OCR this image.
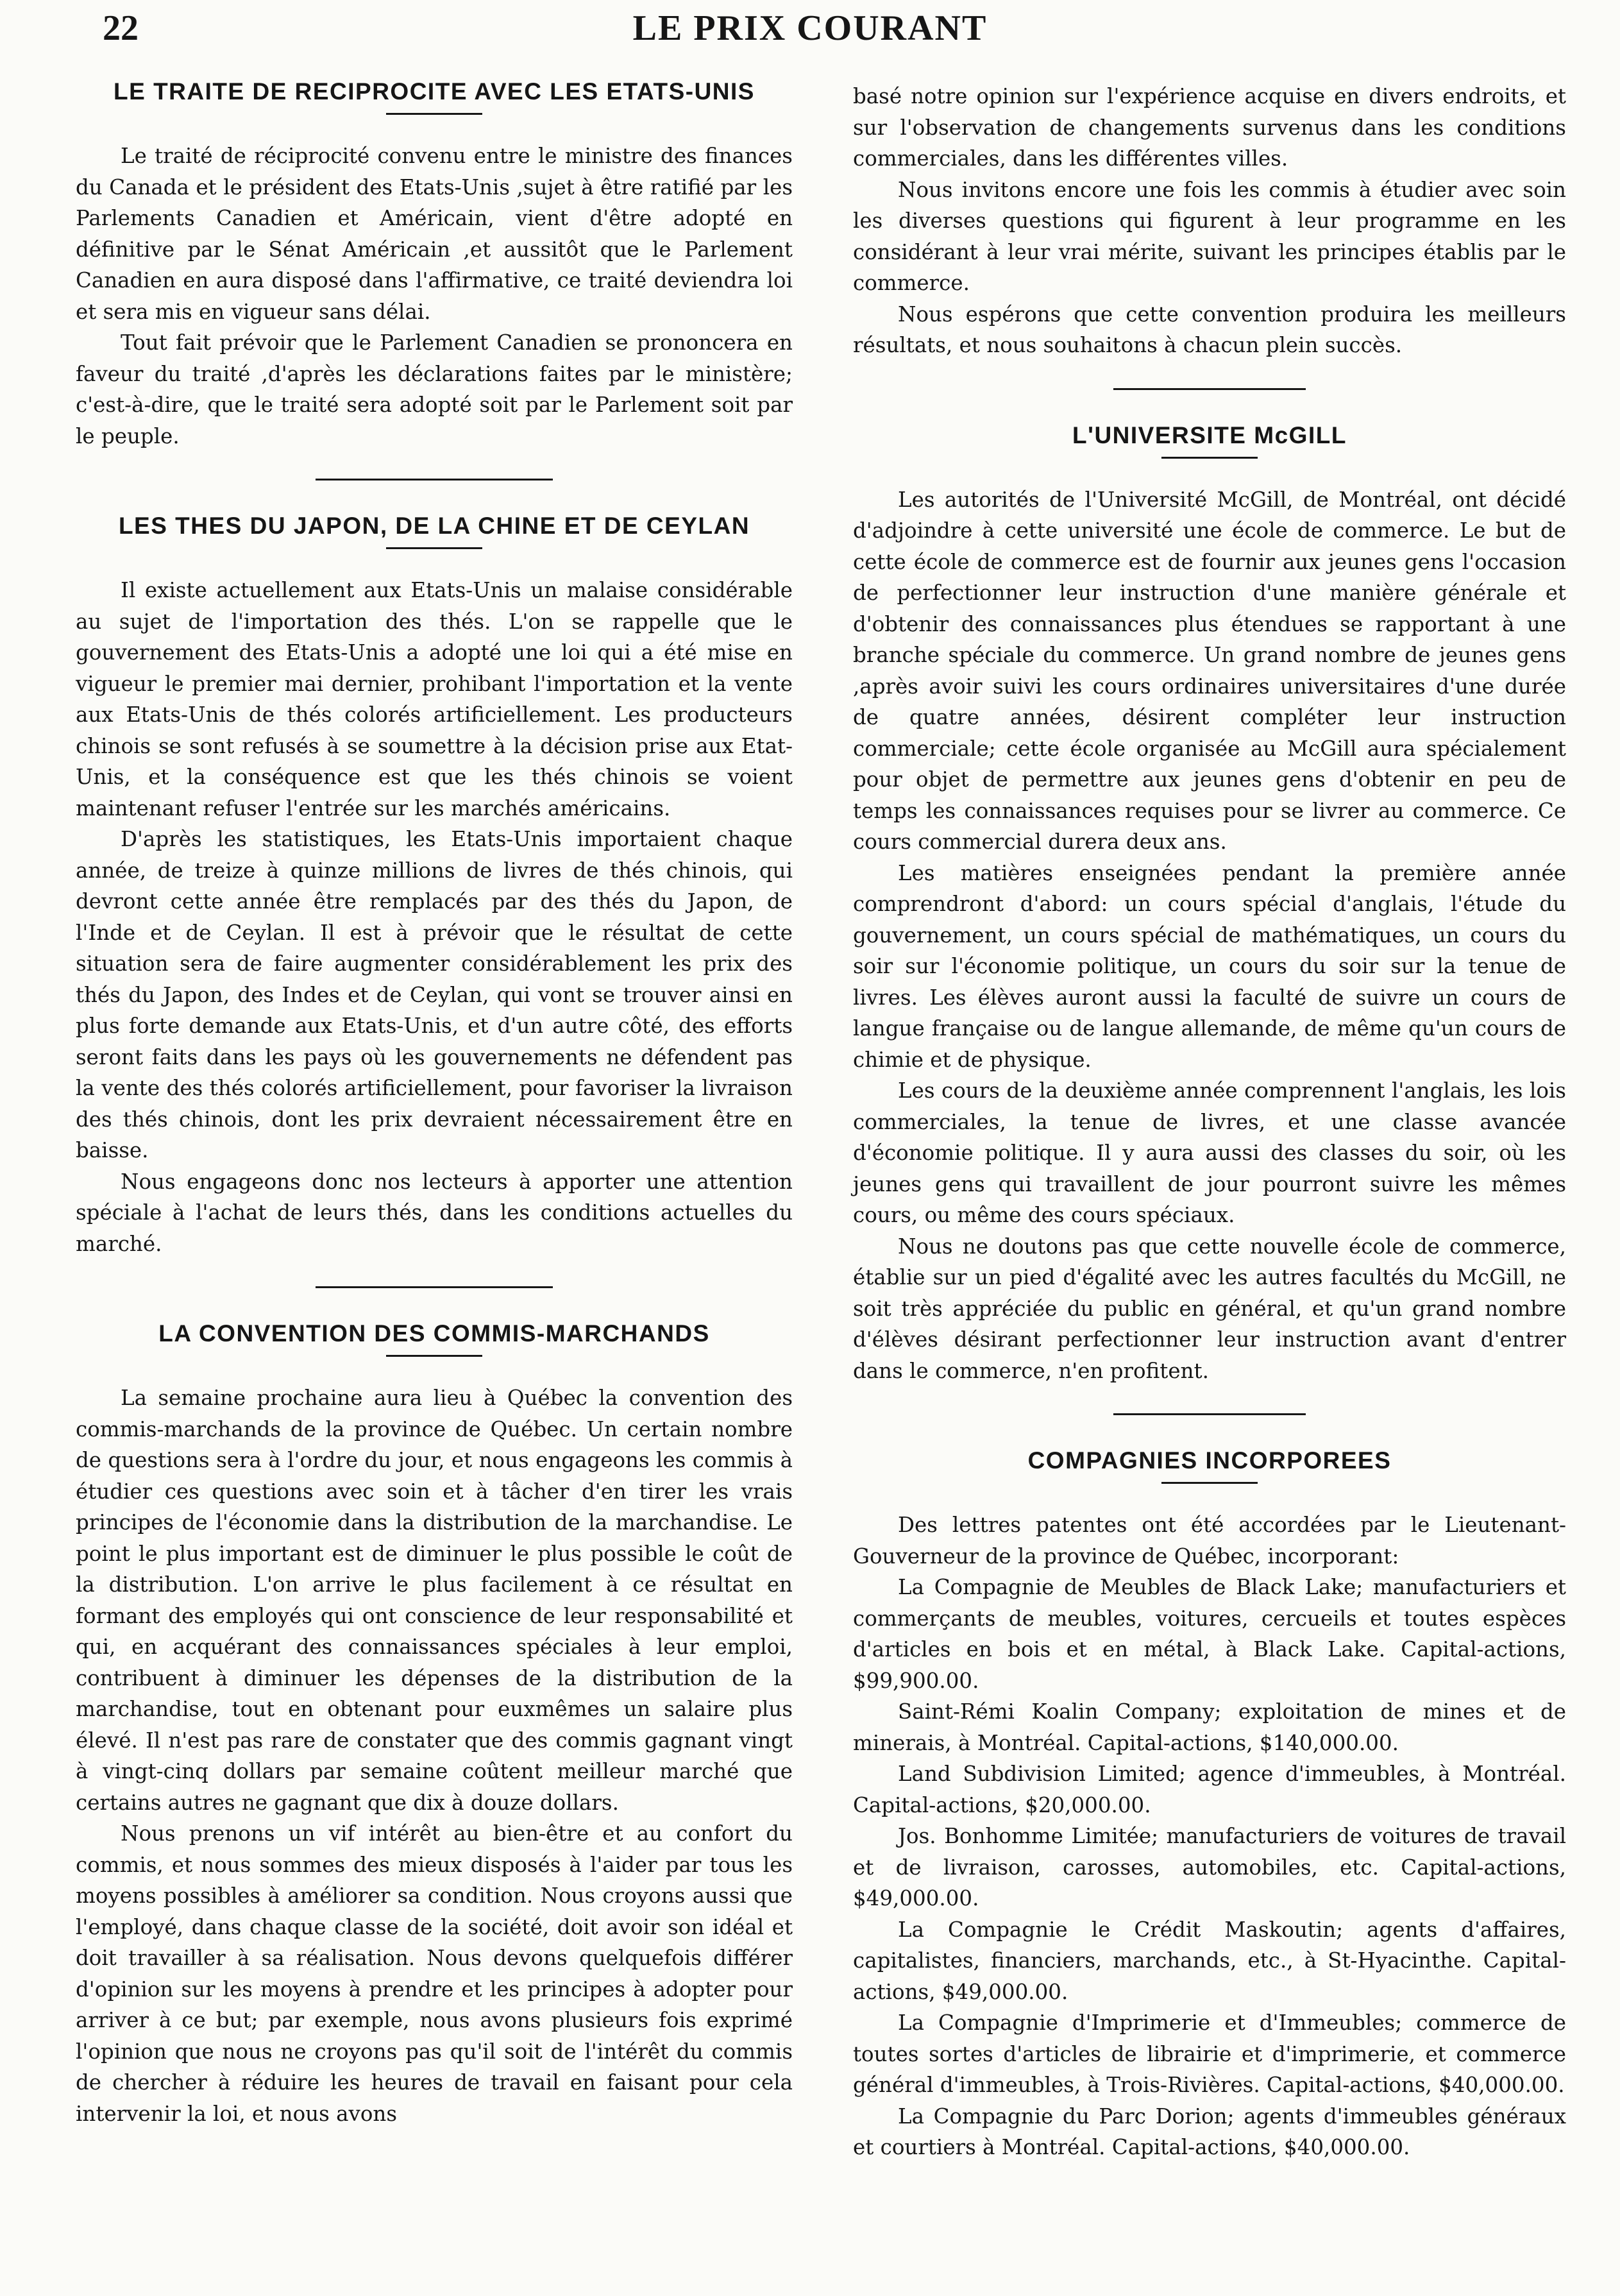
22	LE PRIX COURANT
LE TRAITE DE RECIPROCITE AVEC LES ETATS-UNIS

Le traité de réciprocité convenu entre le ministre des finances du Canada et le président des Etats-Unis ,sujet à être ratifié par les Parlements Canadien et Américain, vient d'être adopté en définitive par le Sénat Américain ,et aussitôt que le Parlement Canadien en aura disposé dans l'affirmative, ce traité deviendra loi et sera mis en vigueur sans délai.

Tout fait prévoir que le Parlement Canadien se prononcera en faveur du traité ,d'après les déclarations faites par le ministère; c'est-à-dire, que le traité sera adopté soit par le Parlement soit par le peuple.

LES THES DU JAPON, DE LA CHINE ET DE CEYLAN

Il existe actuellement aux Etats-Unis un malaise considérable au sujet de l'importation des thés. L'on se rappelle que le gouvernement des Etats-Unis a adopté une loi qui a été mise en vigueur le premier mai dernier, prohibant l'importation et la vente aux Etats-Unis de thés colorés artificiellement. Les producteurs chinois se sont refusés à se soumettre à la décision prise aux Etat-Unis, et la conséquence est que les thés chinois se voient maintenant refuser l'entrée sur les marchés américains.

D'après les statistiques, les Etats-Unis importaient chaque année, de treize à quinze millions de livres de thés chinois, qui devront cette année être remplacés par des thés du Japon, de l'Inde et de Ceylan. Il est à prévoir que le résultat de cette situation sera de faire augmenter considérablement les prix des thés du Japon, des Indes et de Ceylan, qui vont se trouver ainsi en plus forte demande aux Etats-Unis, et d'un autre côté, des efforts seront faits dans les pays où les gouvernements ne défendent pas la vente des thés colorés artificiellement, pour favoriser la livraison des thés chinois, dont les prix devraient nécessairement être en baisse.

Nous engageons donc nos lecteurs à apporter une attention spéciale à l'achat de leurs thés, dans les conditions actuelles du marché.

LA CONVENTION DES COMMIS-MARCHANDS

La semaine prochaine aura lieu à Québec la convention des commis-marchands de la province de Québec. Un certain nombre de questions sera à l'ordre du jour, et nous engageons les commis à étudier ces questions avec soin et à tâcher d'en tirer les vrais principes de l'économie dans la distribution de la marchandise. Le point le plus important est de diminuer le plus possible le coût de la distribution. L'on arrive le plus facilement à ce résultat en formant des employés qui ont conscience de leur responsabilité et qui, en acquérant des connaissances spéciales à leur emploi, contribuent à diminuer les dépenses de la distribution de la marchandise, tout en obtenant pour euxmêmes un salaire plus élevé. Il n'est pas rare de constater que des commis gagnant vingt à vingt-cinq dollars par semaine coûtent meilleur marché que certains autres ne gagnant que dix à douze dollars.

Nous prenons un vif intérêt au bien-être et au confort du commis, et nous sommes des mieux disposés à l'aider par tous les moyens possibles à améliorer sa condition. Nous croyons aussi que l'employé, dans chaque classe de la société, doit avoir son idéal et doit travailler à sa réalisation. Nous devons quelquefois différer d'opinion sur les moyens à prendre et les principes à adopter pour arriver à ce but; par exemple, nous avons plusieurs fois exprimé l'opinion que nous ne croyons pas qu'il soit de l'intérêt du commis de chercher à réduire les heures de travail en faisant pour cela intervenir la loi, et nous avons

basé notre opinion sur l'expérience acquise en divers endroits, et sur l'observation de changements survenus dans les conditions commerciales, dans les différentes villes.

Nous invitons encore une fois les commis à étudier avec soin les diverses questions qui figurent à leur programme en les considérant à leur vrai mérite, suivant les principes établis par le commerce.

Nous espérons que cette convention produira les meilleurs résultats, et nous souhaitons à chacun plein succès.

L'UNIVERSITE McGILL

Les autorités de l'Université McGill, de Montréal, ont décidé d'adjoindre à cette université une école de commerce. Le but de cette école de commerce est de fournir aux jeunes gens l'occasion de perfectionner leur instruction d'une manière générale et d'obtenir des connaissances plus étendues se rapportant à une branche spéciale du commerce. Un grand nombre de jeunes gens ,après avoir suivi les cours ordinaires universitaires d'une durée de quatre années, désirent compléter leur instruction commerciale; cette école organisée au McGill aura spécialement pour objet de permettre aux jeunes gens d'obtenir en peu de temps les connaissances requises pour se livrer au commerce. Ce cours commercial durera deux ans.

Les matières enseignées pendant la première année comprendront d'abord: un cours spécial d'anglais, l'étude du gouvernement, un cours spécial de mathématiques, un cours du soir sur l'économie politique, un cours du soir sur la tenue de livres. Les élèves auront aussi la faculté de suivre un cours de langue française ou de langue allemande, de même qu'un cours de chimie et de physique.

Les cours de la deuxième année comprennent l'anglais, les lois commerciales, la tenue de livres, et une classe avancée d'économie politique. Il y aura aussi des classes du soir, où les jeunes gens qui travaillent de jour pourront suivre les mêmes cours, ou même des cours spéciaux.

Nous ne doutons pas que cette nouvelle école de commerce, établie sur un pied d'égalité avec les autres facultés du McGill, ne soit très appréciée du public en général, et qu'un grand nombre d'élèves désirant perfectionner leur instruction avant d'entrer dans le commerce, n'en profitent.

COMPAGNIES INCORPOREES

Des lettres patentes ont été accordées par le Lieutenant-Gouverneur de la province de Québec, incorporant:

La Compagnie de Meubles de Black Lake; manufacturiers et commerçants de meubles, voitures, cercueils et toutes espèces d'articles en bois et en métal, à Black Lake. Capital-actions, $99,900.00.

Saint-Rémi Koalin Company; exploitation de mines et de minerais, à Montréal. Capital-actions, $140,000.00.

Land Subdivision Limited; agence d'immeubles, à Montréal. Capital-actions, $20,000.00.

Jos. Bonhomme Limitée; manufacturiers de voitures de travail et de livraison, carosses, automobiles, etc. Capital-actions, $49,000.00.

La Compagnie le Crédit Maskoutin; agents d'affaires, capitalistes, financiers, marchands, etc., à St-Hyacinthe. Capital-actions, $49,000.00.

La Compagnie d'Imprimerie et d'Immeubles; commerce de toutes sortes d'articles de librairie et d'imprimerie, et commerce général d'immeubles, à Trois-Rivières. Capital-actions, $40,000.00.

La Compagnie du Parc Dorion; agents d'immeubles généraux et courtiers à Montréal. Capital-actions, $40,000.00.
